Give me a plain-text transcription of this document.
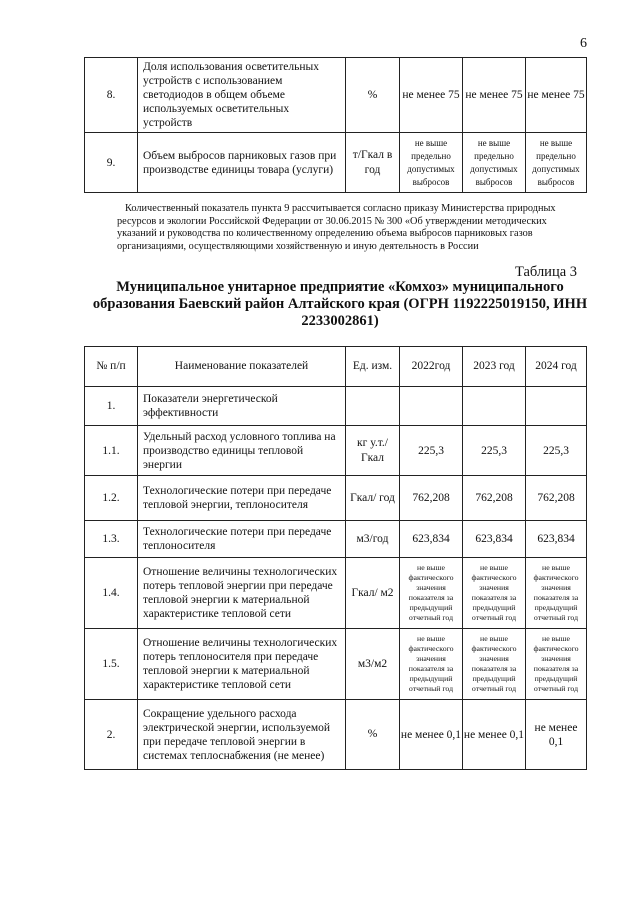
6
8.	Доля использования осветительных устройств с использованием светодиодов в общем объеме используемых осветительных устройств	%	не менее 75	не менее 75	не менее 75
9.	Объем выбросов парниковых газов при производстве единицы товара (услуги)	т/Гкал в год	не выше предельно допустимых выбросов	не выше предельно допустимых выбросов	не выше предельно допустимых выбросов
Количественный показатель пункта 9 рассчитывается согласно приказу Министерства природных ресурсов и экологии Российской Федерации от 30.06.2015 № 300 «Об утверждении методических указаний и руководства по количественному определению объема выбросов парниковых газов организациями, осуществляющими хозяйственную и иную деятельность в России
Таблица 3
Муниципальное унитарное предприятие «Комхоз» муниципального образования Баевский район Алтайского края (ОГРН 1192225019150, ИНН 2233002861)
№ п/п	Наименование показателей	Ед. изм.	2022год	2023 год	2024 год
1.	Показатели энергетической эффективности				
1.1.	Удельный расход условного топлива на производство единицы тепловой энергии	кг у.т./ Гкал	225,3	225,3	225,3
1.2.	Технологические потери при передаче тепловой энергии, теплоносителя	Гкал/ год	762,208	762,208	762,208
1.3.	Технологические потери при передаче теплоносителя	м3/год	623,834	623,834	623,834
1.4.	Отношение величины технологических потерь тепловой энергии при передаче тепловой энергии к материальной характеристике тепловой сети	Гкал/ м2	не выше фактического значения показателя за предыдущий отчетный год	не выше фактического значения показателя за предыдущий отчетный год	не выше фактического значения показателя за предыдущий отчетный год
1.5.	Отношение величины технологических потерь теплоносителя при передаче тепловой энергии к материальной характеристике тепловой сети	м3/м2	не выше фактического значения показателя за предыдущий отчетный год	не выше фактического значения показателя за предыдущий отчетный год	не выше фактического значения показателя за предыдущий отчетный год
2.	Сокращение удельного расхода электрической энергии, используемой при передаче тепловой энергии в системах теплоснабжения (не менее)	%	не менее 0,1	не менее 0,1	не менее 0,1
